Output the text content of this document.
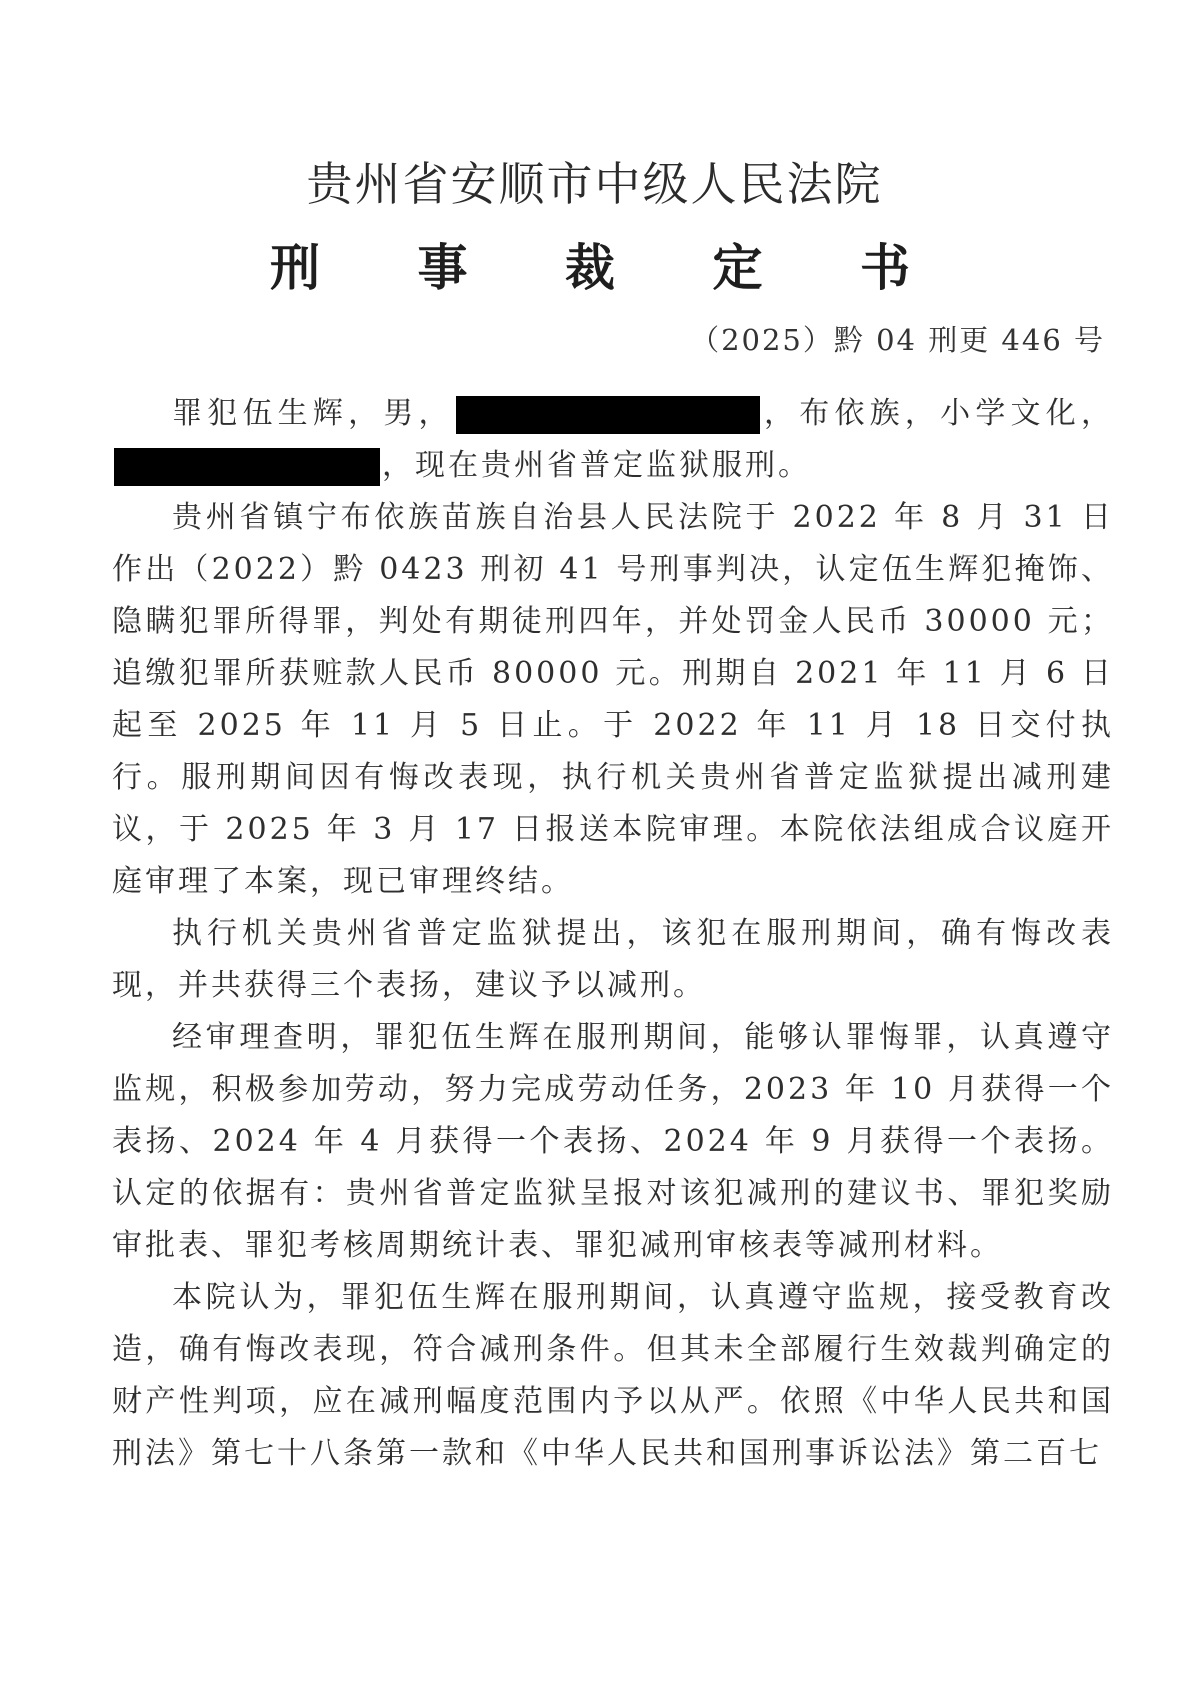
贵州省安顺市中级人民法院
刑 事 裁 定 书
（2025）黔 04 刑更 446 号

罪犯伍生辉，男，	，布依族，小学文化，，现在贵州省普定监狱服刑。

贵州省镇宁布依族苗族自治县人民法院于 2022 年 8 月 31 日作出（2022）黔 0423 刑初 41 号刑事判决，认定伍生辉犯掩饰、隐瞒犯罪所得罪，判处有期徒刑四年，并处罚金人民币 30000 元；追缴犯罪所获赃款人民币 80000 元。刑期自 2021 年 11 月 6 日起至 2025 年 11 月 5 日止。于 2022 年 11 月 18 日交付执行。服刑期间因有悔改表现，执行机关贵州省普定监狱提出减刑建议，于 2025 年 3 月 17 日报送本院审理。本院依法组成合议庭开庭审理了本案，现已审理终结。

执行机关贵州省普定监狱提出，该犯在服刑期间，确有悔改表现，并共获得三个表扬，建议予以减刑。

经审理查明，罪犯伍生辉在服刑期间，能够认罪悔罪，认真遵守监规，积极参加劳动，努力完成劳动任务，2023 年 10 月获得一个表扬、2024 年 4 月获得一个表扬、2024 年 9 月获得一个表扬。认定的依据有：贵州省普定监狱呈报对该犯减刑的建议书、罪犯奖励审批表、罪犯考核周期统计表、罪犯减刑审核表等减刑材料。

本院认为，罪犯伍生辉在服刑期间，认真遵守监规，接受教育改造，确有悔改表现，符合减刑条件。但其未全部履行生效裁判确定的财产性判项，应在减刑幅度范围内予以从严。依照《中华人民共和国刑法》第七十八条第一款和《中华人民共和国刑事诉讼法》第二百七
